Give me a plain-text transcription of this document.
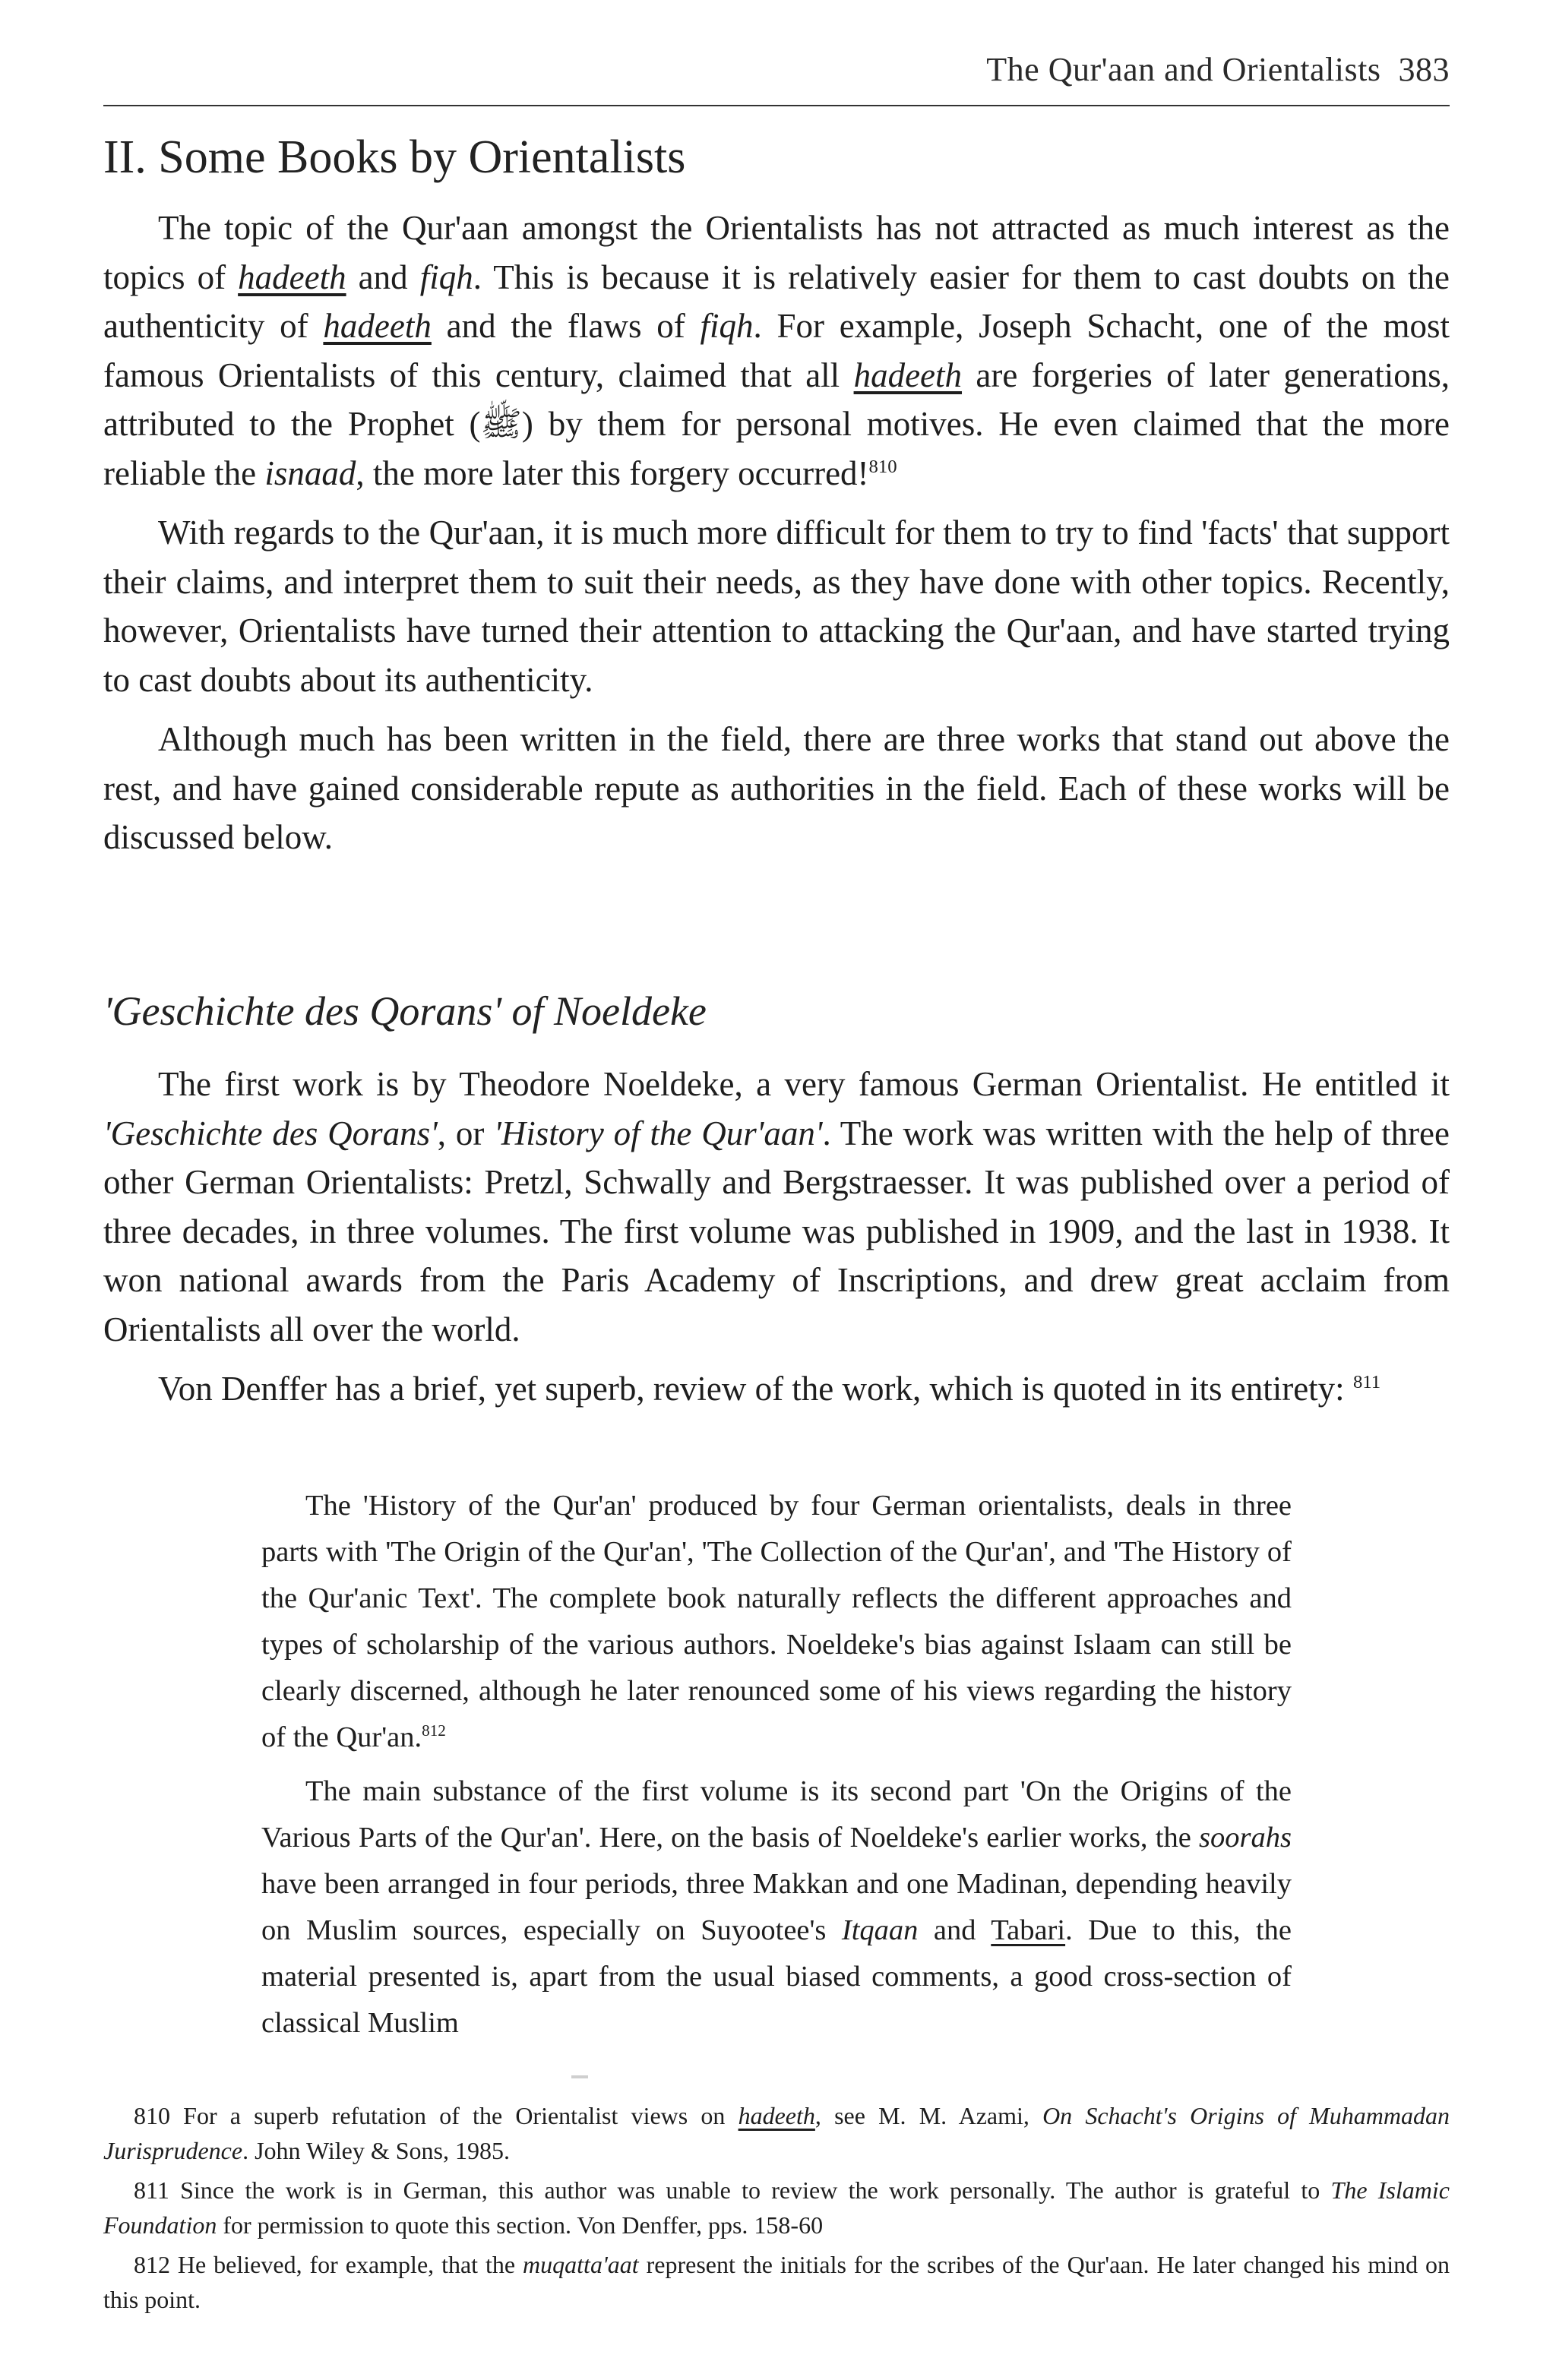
The Qur'aan and Orientalists 383
II. Some Books by Orientalists

The topic of the Qur'aan amongst the Orientalists has not attracted as much interest as the topics of hadeeth and fiqh. This is because it is relatively easier for them to cast doubts on the authenticity of hadeeth and the flaws of fiqh. For example, Joseph Schacht, one of the most famous Orientalists of this century, claimed that all hadeeth are forgeries of later generations, attributed to the Prophet (ﷺ) by them for personal motives. He even claimed that the more reliable the isnaad, the more later this forgery occurred!$^{810}$

With regards to the Qur'aan, it is much more difficult for them to try to find 'facts' that support their claims, and interpret them to suit their needs, as they have done with other topics. Recently, however, Orientalists have turned their attention to attacking the Qur'aan, and have started trying to cast doubts about its authenticity.

Although much has been written in the field, there are three works that stand out above the rest, and have gained considerable repute as authorities in the field. Each of these works will be discussed below.

'Geschichte des Qorans' of Noeldeke

The first work is by Theodore Noeldeke, a very famous German Orientalist. He entitled it 'Geschichte des Qorans', or 'History of the Qur'aan'. The work was written with the help of three other German Orientalists: Pretzl, Schwally and Bergstraesser. It was published over a period of three decades, in three volumes. The first volume was published in 1909, and the last in 1938. It won national awards from the Paris Academy of Inscriptions, and drew great acclaim from Orientalists all over the world.

Von Denffer has a brief, yet superb, review of the work, which is quoted in its entirety: $^{811}$

The 'History of the Qur'an' produced by four German orientalists, deals in three parts with 'The Origin of the Qur'an', 'The Collection of the Qur'an', and 'The History of the Qur'anic Text'. The complete book naturally reflects the different approaches and types of scholarship of the various authors. Noeldeke's bias against Islaam can still be clearly discerned, although he later renounced some of his views regarding the history of the Qur'an.$^{812}$

The main substance of the first volume is its second part 'On the Origins of the Various Parts of the Qur'an'. Here, on the basis of Noeldeke's earlier works, the soorahs have been arranged in four periods, three Makkan and one Madinan, depending heavily on Muslim sources, especially on Suyootee's Itqaan and Tabari. Due to this, the material presented is, apart from the usual biased comments, a good cross-section of classical Muslim

810 For a superb refutation of the Orientalist views on hadeeth, see M. M. Azami, On Schacht's Origins of Muhammadan Jurisprudence. John Wiley & Sons, 1985.

811 Since the work is in German, this author was unable to review the work personally. The author is grateful to The Islamic Foundation for permission to quote this section. Von Denffer, pps. 158-60

812 He believed, for example, that the muqatta'aat represent the initials for the scribes of the Qur'aan. He later changed his mind on this point.
